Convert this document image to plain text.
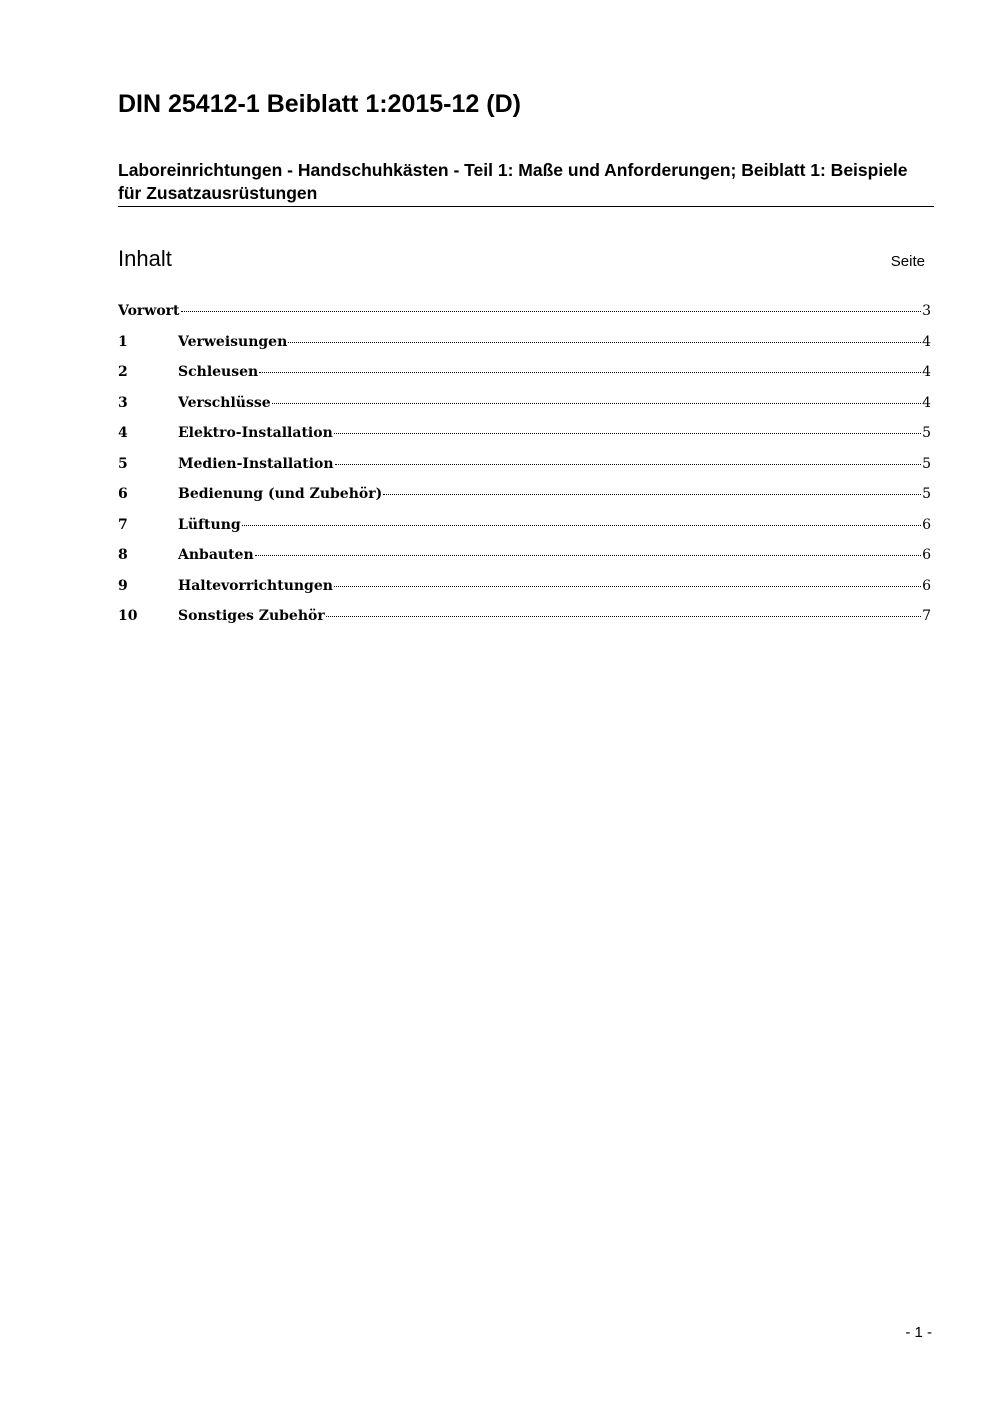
DIN 25412-1 Beiblatt 1:2015-12 (D)
Laboreinrichtungen - Handschuhkästen - Teil 1: Maße und Anforderungen; Beiblatt 1: Beispiele für Zusatzausrüstungen
Inhalt	Seite
Vorwort	3
1	Verweisungen	4
2	Schleusen	4
3	Verschlüsse	4
4	Elektro-Installation	5
5	Medien-Installation	5
6	Bedienung (und Zubehör)	5
7	Lüftung	6
8	Anbauten	6
9	Haltevorrichtungen	6
10	Sonstiges Zubehör	7
- 1 -
